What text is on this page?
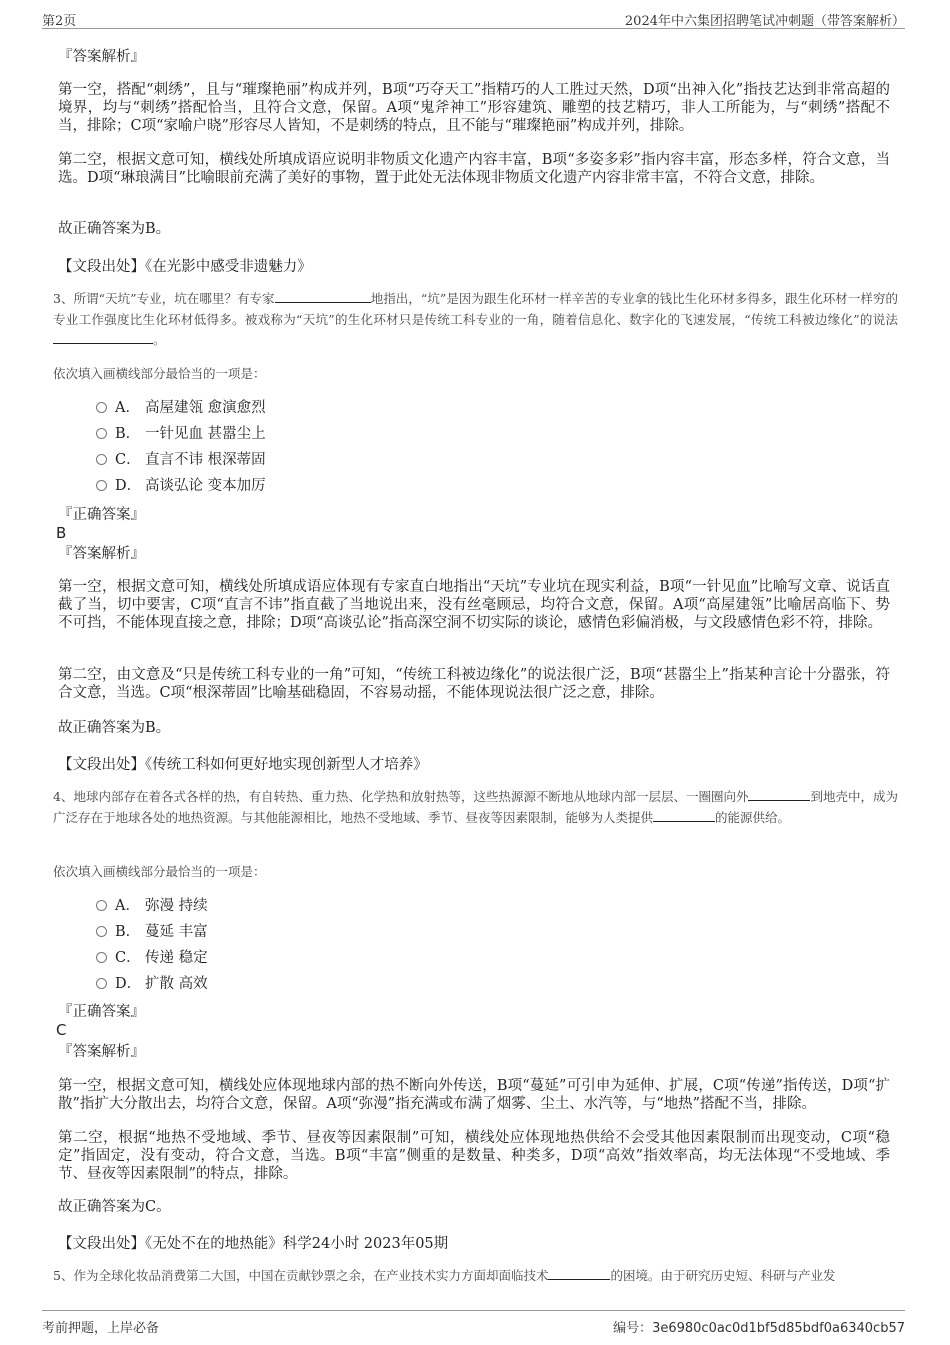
第2页	2024年中六集团招聘笔试冲刺题（带答案解析）
『答案解析』
第一空，搭配“刺绣”，且与“璀璨艳丽”构成并列，B项“巧夺天工”指精巧的人工胜过天然，D项“出神入化”指技艺达到非常高超的境界，均与“刺绣”搭配恰当，且符合文意，保留。A项“鬼斧神工”形容建筑、雕塑的技艺精巧，非人工所能为，与“刺绣”搭配不当，排除；C项“家喻户晓”形容尽人皆知，不是刺绣的特点，且不能与“璀璨艳丽”构成并列，排除。
第二空，根据文意可知，横线处所填成语应说明非物质文化遗产内容丰富，B项“多姿多彩”指内容丰富，形态多样，符合文意，当选。D项“琳琅满目”比喻眼前充满了美好的事物，置于此处无法体现非物质文化遗产内容非常丰富，不符合文意，排除。
故正确答案为B。
【文段出处】《在光影中感受非遗魅力》
3、所谓“天坑”专业，坑在哪里？有专家	地指出，“坑”是因为跟生化环材一样辛苦的专业拿的钱比生化环材多得多，跟生化环材一样穷的专业工作强度比生化环材低得多。被戏称为“天坑”的生化环材只是传统工科专业的一角，随着信息化、数字化的飞速发展，“传统工科被边缘化”的说法。
依次填入画横线部分最恰当的一项是：
A． 高屋建瓴 愈演愈烈
B． 一针见血 甚嚣尘上
C． 直言不讳 根深蒂固
D． 高谈弘论 变本加厉
『正确答案』
B
『答案解析』
第一空，根据文意可知，横线处所填成语应体现有专家直白地指出“天坑”专业坑在现实利益，B项“一针见血”比喻写文章、说话直截了当，切中要害，C项“直言不讳”指直截了当地说出来，没有丝毫顾忌，均符合文意，保留。A项“高屋建瓴”比喻居高临下、势不可挡，不能体现直接之意，排除；D项“高谈弘论”指高深空洞不切实际的谈论，感情色彩偏消极，与文段感情色彩不符，排除。
第二空，由文意及“只是传统工科专业的一角”可知，“传统工科被边缘化”的说法很广泛，B项“甚嚣尘上”指某种言论十分嚣张，符合文意，当选。C项“根深蒂固”比喻基础稳固，不容易动摇，不能体现说法很广泛之意，排除。
故正确答案为B。
【文段出处】《传统工科如何更好地实现创新型人才培养》
4、地球内部存在着各式各样的热，有自转热、重力热、化学热和放射热等，这些热源源不断地从地球内部一层层、一圈圈向外	到地壳中，成为广泛存在于地球各处的地热资源。与其他能源相比，地热不受地域、季节、昼夜等因素限制，能够为人类提供	的能源供给。
依次填入画横线部分最恰当的一项是：
A． 弥漫 持续
B． 蔓延 丰富
C． 传递 稳定
D． 扩散 高效
『正确答案』
C
『答案解析』
第一空，根据文意可知，横线处应体现地球内部的热不断向外传送，B项“蔓延”可引申为延伸、扩展，C项“传递”指传送，D项“扩散”指扩大分散出去，均符合文意，保留。A项“弥漫”指充满或布满了烟雾、尘土、水汽等，与“地热”搭配不当，排除。
第二空，根据“地热不受地域、季节、昼夜等因素限制”可知，横线处应体现地热供给不会受其他因素限制而出现变动，C项“稳定”指固定，没有变动，符合文意，当选。B项“丰富”侧重的是数量、种类多，D项“高效”指效率高，均无法体现“不受地域、季节、昼夜等因素限制”的特点，排除。
故正确答案为C。
【文段出处】《无处不在的地热能》科学24小时 2023年05期
5、作为全球化妆品消费第二大国，中国在贡献钞票之余，在产业技术实力方面却面临技术	的困境。由于研究历史短、科研与产业发
考前押题，上岸必备	编号：3e6980c0ac0d1bf5d85bdf0a6340cb57
